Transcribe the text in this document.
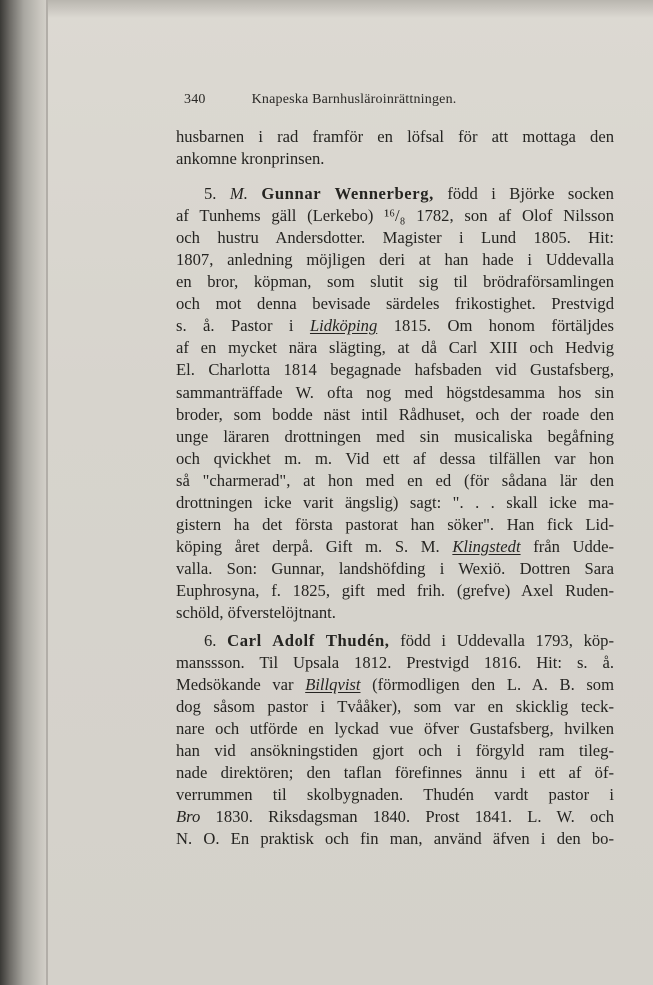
340	Knapeska Barnhusläroinrättningen.
husbarnen i rad framför en löfsal för att mottaga den
ankomne kronprinsen.
5. M. Gunnar Wennerberg, född i Björke socken
af Tunhems gäll (Lerkebo) ¹⁶/₈ 1782, son af Olof Nilsson
och hustru Andersdotter. Magister i Lund 1805. Hit:
1807, anledning möjligen deri at han hade i Uddevalla
en bror, köpman, som slutit sig til brödraförsamlingen
och mot denna bevisade särdeles frikostighet. Prestvigd
s. å. Pastor i Lidköping 1815. Om honom förtäljdes
af en mycket nära slägting, at då Carl XIII och Hedvig
El. Charlotta 1814 begagnade hafsbaden vid Gustafsberg,
sammanträffade W. ofta nog med högstdesamma hos sin
broder, som bodde näst intil Rådhuset, och der roade den
unge läraren drottningen med sin musicaliska begåfning
och qvickhet m. m. Vid ett af dessa tilfällen var hon
så "charmerad", at hon med en ed (för sådana lär den
drottningen icke varit ängslig) sagt: ". . . skall icke ma-
gistern ha det första pastorat han söker". Han fick Lid-
köping året derpå. Gift m. S. M. Klingstedt från Udde-
valla. Son: Gunnar, landshöfding i Wexiö. Dottren Sara
Euphrosyna, f. 1825, gift med frih. (grefve) Axel Ruden-
schöld, öfverstelöjtnant.
6. Carl Adolf Thudén, född i Uddevalla 1793, köp-
manssson. Til Upsala 1812. Prestvigd 1816. Hit: s. å.
Medsökande var Billqvist (förmodligen den L. A. B. som
dog såsom pastor i Tvååker), som var en skicklig teck-
nare och utförde en lyckad vue öfver Gustafsberg, hvilken
han vid ansökningstiden gjort och i förgyld ram tileg-
nade direktören; den taflan förefinnes ännu i ett af öf-
verrummen til skolbygnaden. Thudén vardt pastor i
Bro 1830. Riksdagsman 1840. Prost 1841. L. W. och
N. O. En praktisk och fin man, använd äfven i den bo-
